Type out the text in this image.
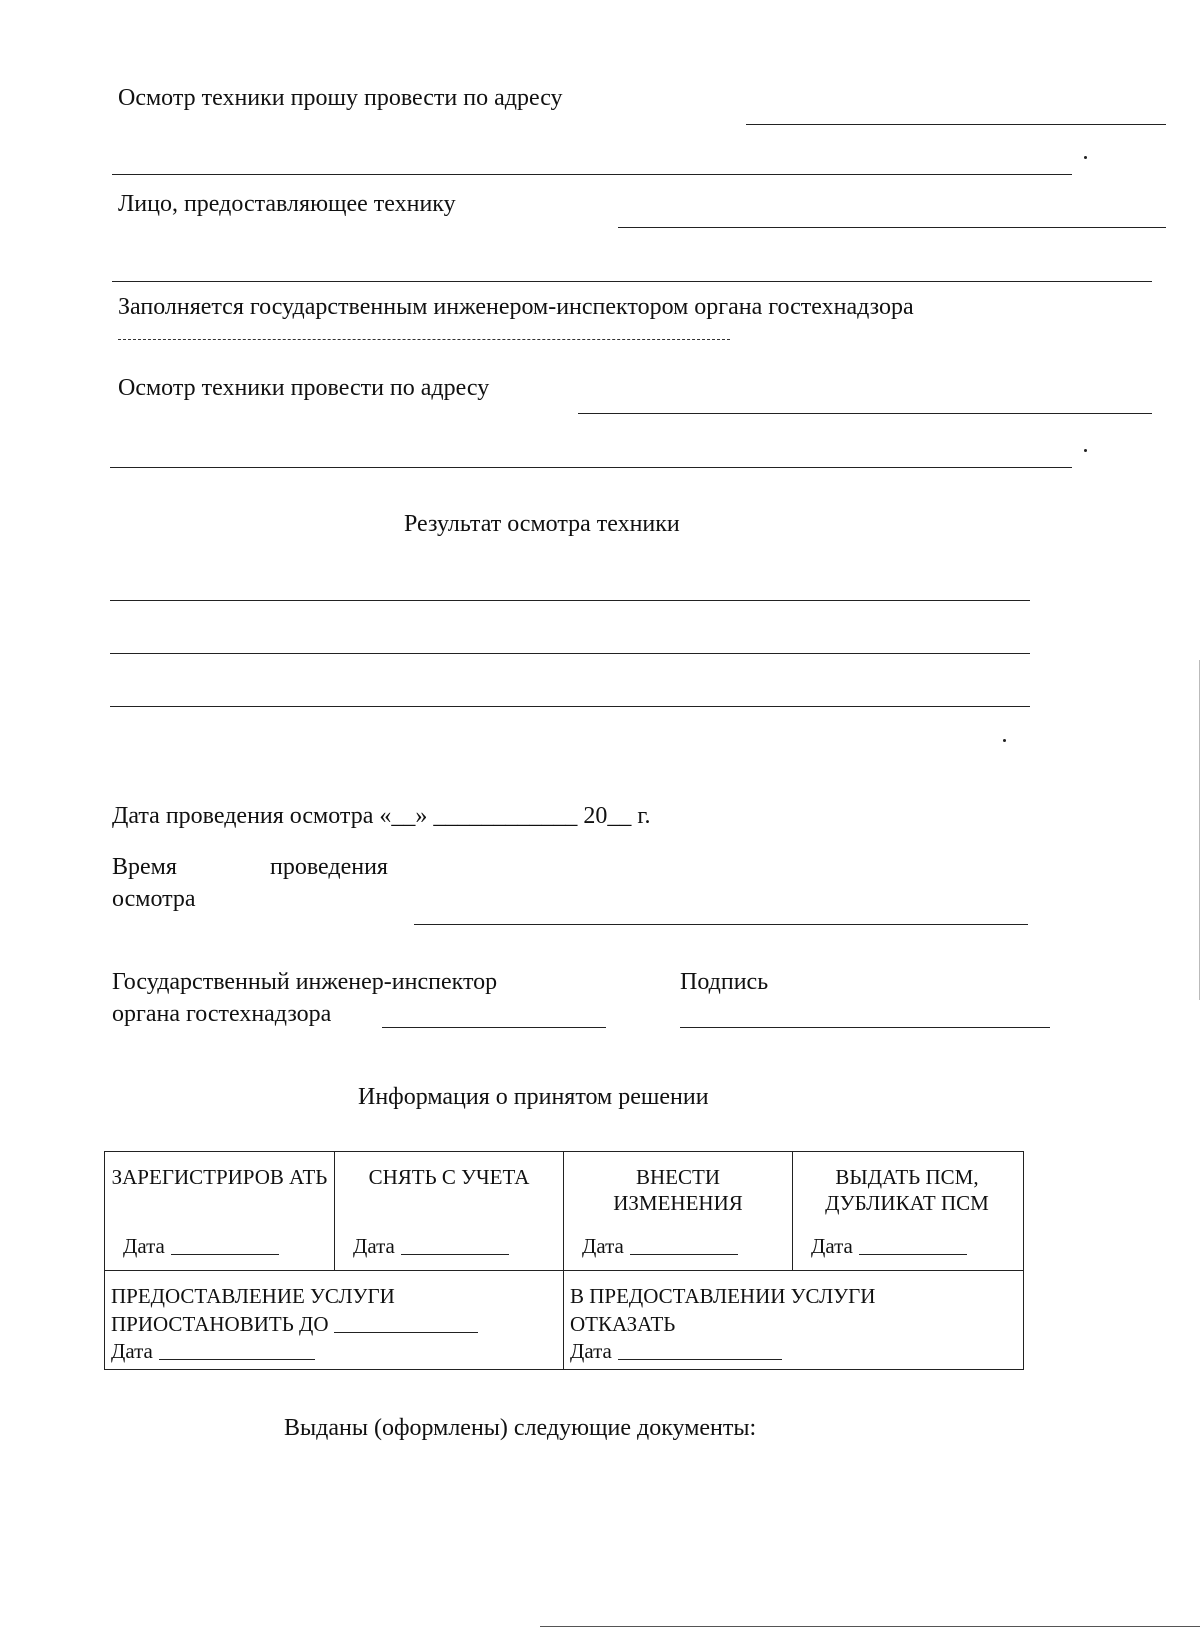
Осмотр техники прошу провести по адресу
Лицо, предоставляющее технику
Заполняется государственным инженером-инспектором органа гостехнадзора
Осмотр техники провести по адресу
Результат осмотра техники
Дата проведения осмотра «__» ____________ 20__ г.
Время	проведения
осмотра
Государственный инженер-инспектор
органа гостехнадзора
Подпись
Информация о принятом решении
ЗАРЕГИСТРИРОВ АТЬ
Дата
СНЯТЬ С УЧЕТА
Дата
ВНЕСТИ ИЗМЕНЕНИЯ
Дата
ВЫДАТЬ ПСМ, ДУБЛИКАТ ПСМ
Дата
ПРЕДОСТАВЛЕНИЕ УСЛУГИ
ПРИОСТАНОВИТЬ ДО
Дата
В ПРЕДОСТАВЛЕНИИ УСЛУГИ
ОТКАЗАТЬ
Дата
Выданы (оформлены) следующие документы:
